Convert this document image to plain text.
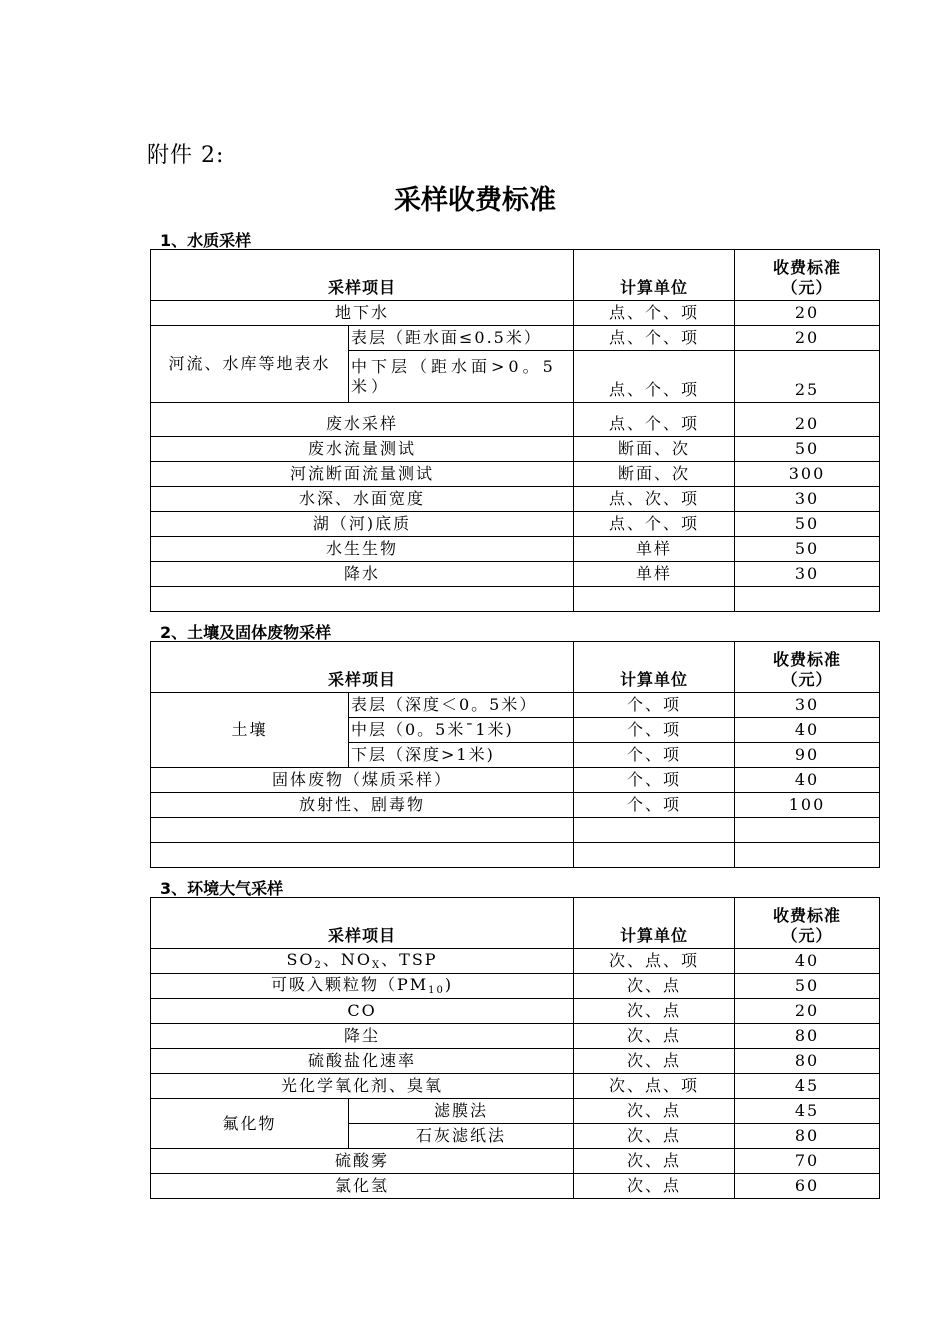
附件 2:
采样收费标准
1、水质采样
采样项目		计算单位	收费标准
（元）
地下水		点、个、项	20
河流、水库等地表水	表层（距水面≤0.5米）	点、个、项	20
	中下层（距水面>0。5米）	点、个、项	25
废水采样		点、个、项	20
废水流量测试		断面、次	50
河流断面流量测试		断面、次	300
水深、水面宽度		点、次、项	30
湖（河)底质		点、个、项	50
水生生物		单样	50
降水		单样	30

2、土壤及固体废物采样
采样项目		计算单位	收费标准
（元）
土壤	表层（深度＜0。5米）	个、项	30
	中层（0。5米¯1米)	个、项	40
	下层（深度>1米)	个、项	90
固体废物（煤质采样）		个、项	40
放射性、剧毒物		个、项	100

3、环境大气采样
采样项目		计算单位	收费标准
（元）
$SO_2$、$NO_X$、TSP		次、点、项	40
可吸入颗粒物$(PM_{10})$		次、点	50
CO		次、点	20
降尘		次、点	80
硫酸盐化速率		次、点	80
光化学氧化剂、臭氧		次、点、项	45
氟化物	滤膜法	次、点	45
	石灰滤纸法	次、点	80
硫酸雾		次、点	70
氯化氢		次、点	60
